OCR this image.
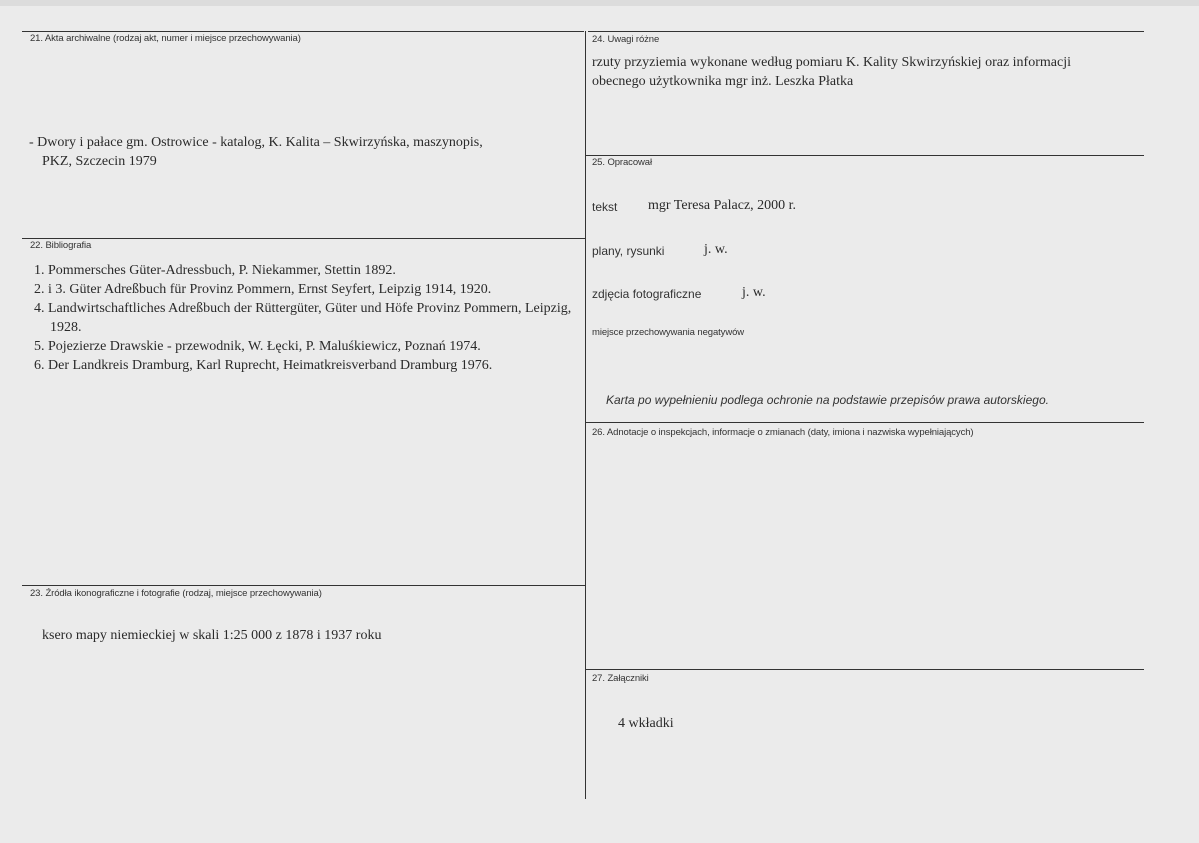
21. Akta archiwalne (rodzaj akt, numer i miejsce przechowywania)
- Dwory i pałace gm. Ostrowice - katalog, K. Kalita – Skwirzyńska, maszynopis,
PKZ, Szczecin 1979
22. Bibliografia
1. Pommersches Güter-Adressbuch, P. Niekammer, Stettin 1892.
2. i 3. Güter Adreßbuch für Provinz Pommern, Ernst Seyfert, Leipzig 1914, 1920.
4. Landwirtschaftliches Adreßbuch der Rüttergüter, Güter und Höfe Provinz Pommern, Leipzig, 1928.
5. Pojezierze Drawskie - przewodnik, W. Łęcki, P. Maluśkiewicz, Poznań 1974.
6. Der Landkreis Dramburg, Karl Ruprecht, Heimatkreisverband Dramburg 1976.
23. Źródła ikonograficzne i fotografie (rodzaj, miejsce przechowywania)
ksero mapy niemieckiej w skali 1:25 000 z 1878 i 1937 roku
24. Uwagi różne
rzuty przyziemia wykonane według pomiaru K. Kality Skwirzyńskiej oraz informacji
obecnego użytkownika mgr inż. Leszka Płatka
25. Opracował
tekst mgr Teresa Palacz, 2000 r.
plany, rysunki	j. w.
zdjęcia fotograficzne	j. w.
miejsce przechowywania negatywów
Karta po wypełnieniu podlega ochronie na podstawie przepisów prawa autorskiego.
26. Adnotacje o inspekcjach, informacje o zmianach (daty, imiona i nazwiska wypełniających)
27. Załączniki
4 wkładki
